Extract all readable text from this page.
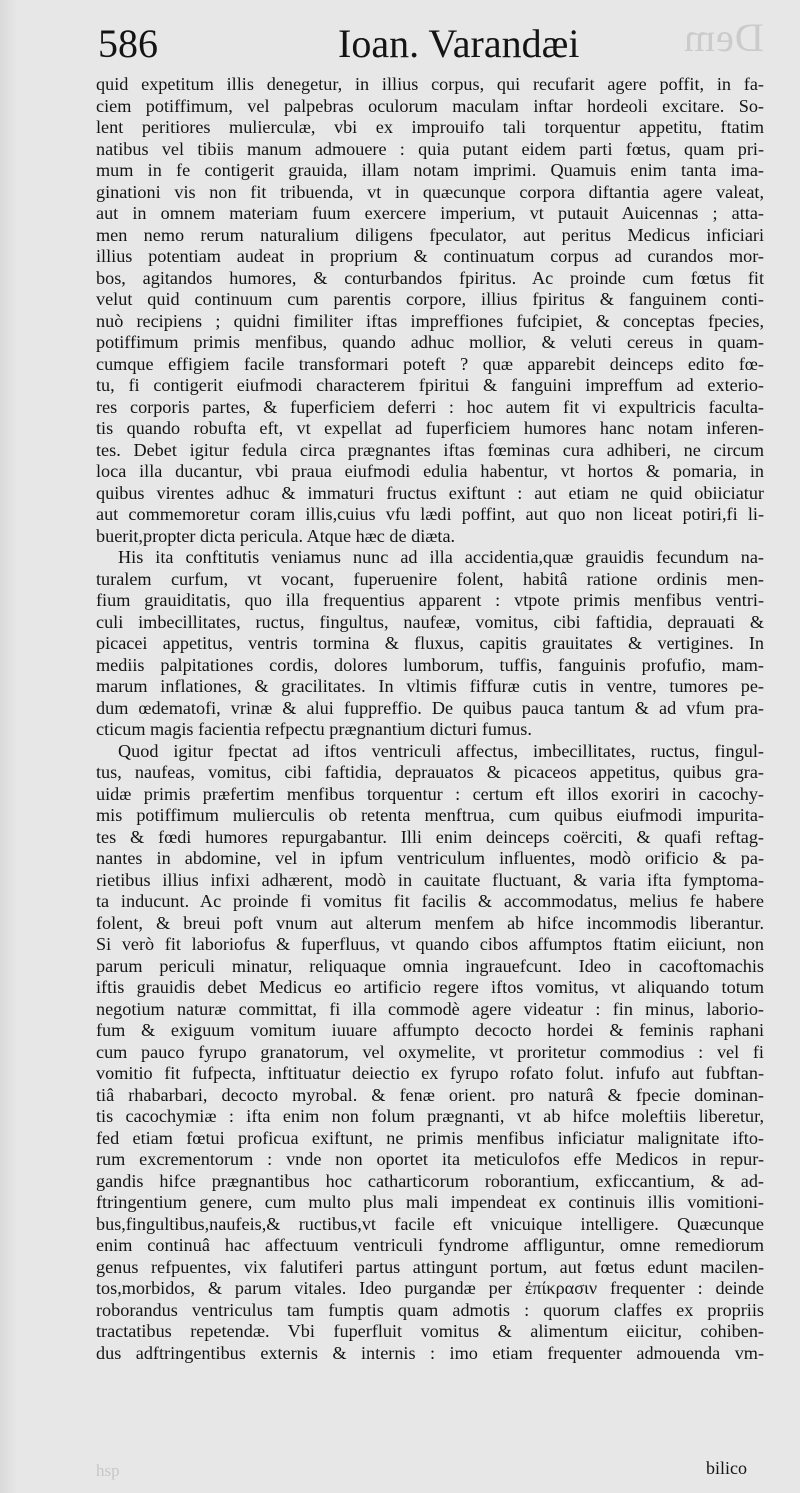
Dem
586	Ioan. Varandæi
quid expetitum illis denegetur, in illius corpus, qui recufarit agere poffit, in fa-
ciem potiffimum, vel palpebras oculorum maculam inftar hordeoli excitare. So-
lent peritiores mulierculæ, vbi ex improuifo tali torquentur appetitu, ftatim
natibus vel tibiis manum admouere : quia putant eidem parti fœtus, quam pri-
mum in fe contigerit grauida, illam notam imprimi. Quamuis enim tanta ima-
ginationi vis non fit tribuenda, vt in quæcunque corpora diftantia agere valeat,
aut in omnem materiam fuum exercere imperium, vt putauit Auicennas ; atta-
men nemo rerum naturalium diligens fpeculator, aut peritus Medicus inficiari
illius potentiam audeat in proprium & continuatum corpus ad curandos mor-
bos, agitandos humores, & conturbandos fpiritus. Ac proinde cum fœtus fit
velut quid continuum cum parentis corpore, illius fpiritus & fanguinem conti-
nuò recipiens ; quidni fimiliter iftas impreffiones fufcipiet, & conceptas fpecies,
potiffimum primis menfibus, quando adhuc mollior, & veluti cereus in quam-
cumque effigiem facile transformari poteft ? quæ apparebit deinceps edito fœ-
tu, fi contigerit eiufmodi characterem fpiritui & fanguini impreffum ad exterio-
res corporis partes, & fuperficiem deferri : hoc autem fit vi expultricis faculta-
tis quando robufta eft, vt expellat ad fuperficiem humores hanc notam inferen-
tes. Debet igitur fedula circa prægnantes iftas fœminas cura adhiberi, ne circum
loca illa ducantur, vbi praua eiufmodi edulia habentur, vt hortos & pomaria, in
quibus virentes adhuc & immaturi fructus exiftunt : aut etiam ne quid obiiciatur
aut commemoretur coram illis,cuius vfu lædi poffint, aut quo non liceat potiri,fi li-
buerit,propter dicta pericula. Atque hæc de diæta.
His ita conftitutis veniamus nunc ad illa accidentia,quæ grauidis fecundum na-
turalem curfum, vt vocant, fuperuenire folent, habitâ ratione ordinis men-
fium grauiditatis, quo illa frequentius apparent : vtpote primis menfibus ventri-
culi imbecillitates, ructus, fingultus, naufeæ, vomitus, cibi faftidia, deprauati &
picacei appetitus, ventris tormina & fluxus, capitis grauitates & vertigines. In
mediis palpitationes cordis, dolores lumborum, tuffis, fanguinis profufio, mam-
marum inflationes, & gracilitates. In vltimis fiffuræ cutis in ventre, tumores pe-
dum œdematofi, vrinæ & alui fuppreffio. De quibus pauca tantum & ad vfum pra-
cticum magis facientia refpectu prægnantium dicturi fumus.
Quod igitur fpectat ad iftos ventriculi affectus, imbecillitates, ructus, fingul-
tus, naufeas, vomitus, cibi faftidia, deprauatos & picaceos appetitus, quibus gra-
uidæ primis præfertim menfibus torquentur : certum eft illos exoriri in cacochy-
mis potiffimum mulierculis ob retenta menftrua, cum quibus eiufmodi impurita-
tes & fœdi humores repurgabantur. Illi enim deinceps coërciti, & quafi reftag-
nantes in abdomine, vel in ipfum ventriculum influentes, modò orificio & pa-
rietibus illius infixi adhærent, modò in cauitate fluctuant, & varia ifta fymptoma-
ta inducunt. Ac proinde fi vomitus fit facilis & accommodatus, melius fe habere
folent, & breui poft vnum aut alterum menfem ab hifce incommodis liberantur.
Si verò fit laboriofus & fuperfluus, vt quando cibos affumptos ftatim eiiciunt, non
parum periculi minatur, reliquaque omnia ingrauefcunt. Ideo in cacoftomachis
iftis grauidis debet Medicus eo artificio regere iftos vomitus, vt aliquando totum
negotium naturæ committat, fi illa commodè agere videatur : fin minus, laborio-
fum & exiguum vomitum iuuare affumpto decocto hordei & feminis raphani
cum pauco fyrupo granatorum, vel oxymelite, vt proritetur commodius : vel fi
vomitio fit fufpecta, inftituatur deiectio ex fyrupo rofato folut. infufo aut fubftan-
tiâ rhabarbari, decocto myrobal. & fenæ orient. pro naturâ & fpecie dominan-
tis cacochymiæ : ifta enim non folum prægnanti, vt ab hifce moleftiis liberetur,
fed etiam fœtui proficua exiftunt, ne primis menfibus inficiatur malignitate ifto-
rum excrementorum : vnde non oportet ita meticulofos effe Medicos in repur-
gandis hifce prægnantibus hoc catharticorum roborantium, exficcantium, & ad-
ftringentium genere, cum multo plus mali impendeat ex continuis illis vomitioni-
bus,fingultibus,naufeis,& ructibus,vt facile eft vnicuique intelligere. Quæcunque
enim continuâ hac affectuum ventriculi fyndrome affliguntur, omne remediorum
genus refpuentes, vix falutiferi partus attingunt portum, aut fœtus edunt macilen-
tos,morbidos, & parum vitales. Ideo purgandæ per ἐπίκρασιν frequenter : deinde
roborandus ventriculus tam fumptis quam admotis : quorum claffes ex propriis
tractatibus repetendæ. Vbi fuperfluit vomitus & alimentum eiicitur, cohiben-
dus adftringentibus externis & internis : imo etiam frequenter admouenda vm-
hsp	bilico
